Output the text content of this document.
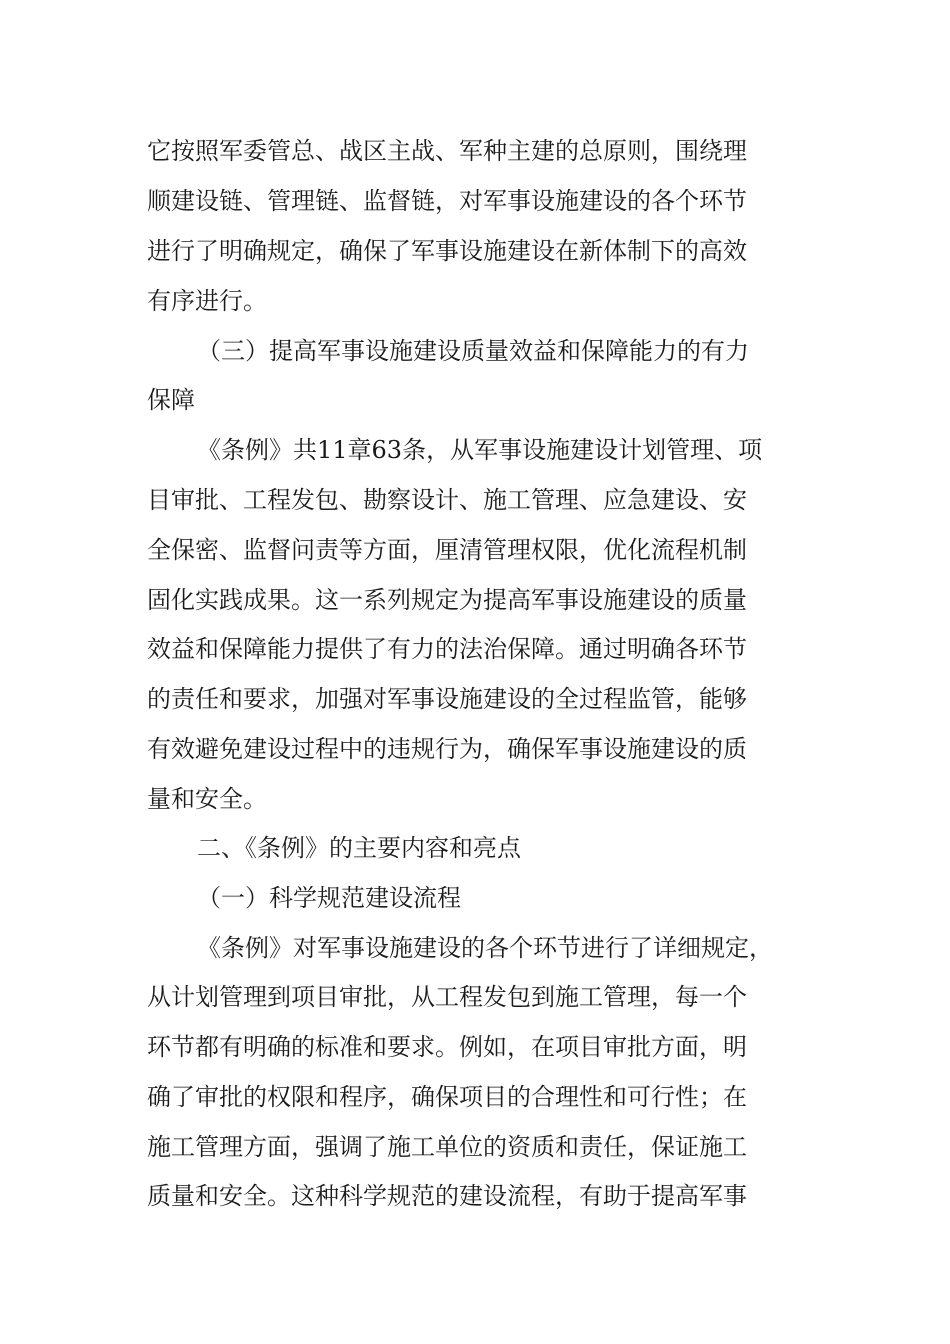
它按照军委管总、战区主战、军种主建的总原则，围绕理
顺建设链、管理链、监督链，对军事设施建设的各个环节
进行了明确规定，确保了军事设施建设在新体制下的高效
有序进行。
（三）提高军事设施建设质量效益和保障能力的有力
保障
《条例》共11章63条，从军事设施建设计划管理、项
目审批、工程发包、勘察设计、施工管理、应急建设、安
全保密、监督问责等方面，厘清管理权限，优化流程机制
固化实践成果。这一系列规定为提高军事设施建设的质量
效益和保障能力提供了有力的法治保障。通过明确各环节
的责任和要求，加强对军事设施建设的全过程监管，能够
有效避免建设过程中的违规行为，确保军事设施建设的质
量和安全。
二、《条例》的主要内容和亮点
（一）科学规范建设流程
《条例》对军事设施建设的各个环节进行了详细规定，
从计划管理到项目审批，从工程发包到施工管理，每一个
环节都有明确的标准和要求。例如，在项目审批方面，明
确了审批的权限和程序，确保项目的合理性和可行性；在
施工管理方面，强调了施工单位的资质和责任，保证施工
质量和安全。这种科学规范的建设流程，有助于提高军事
